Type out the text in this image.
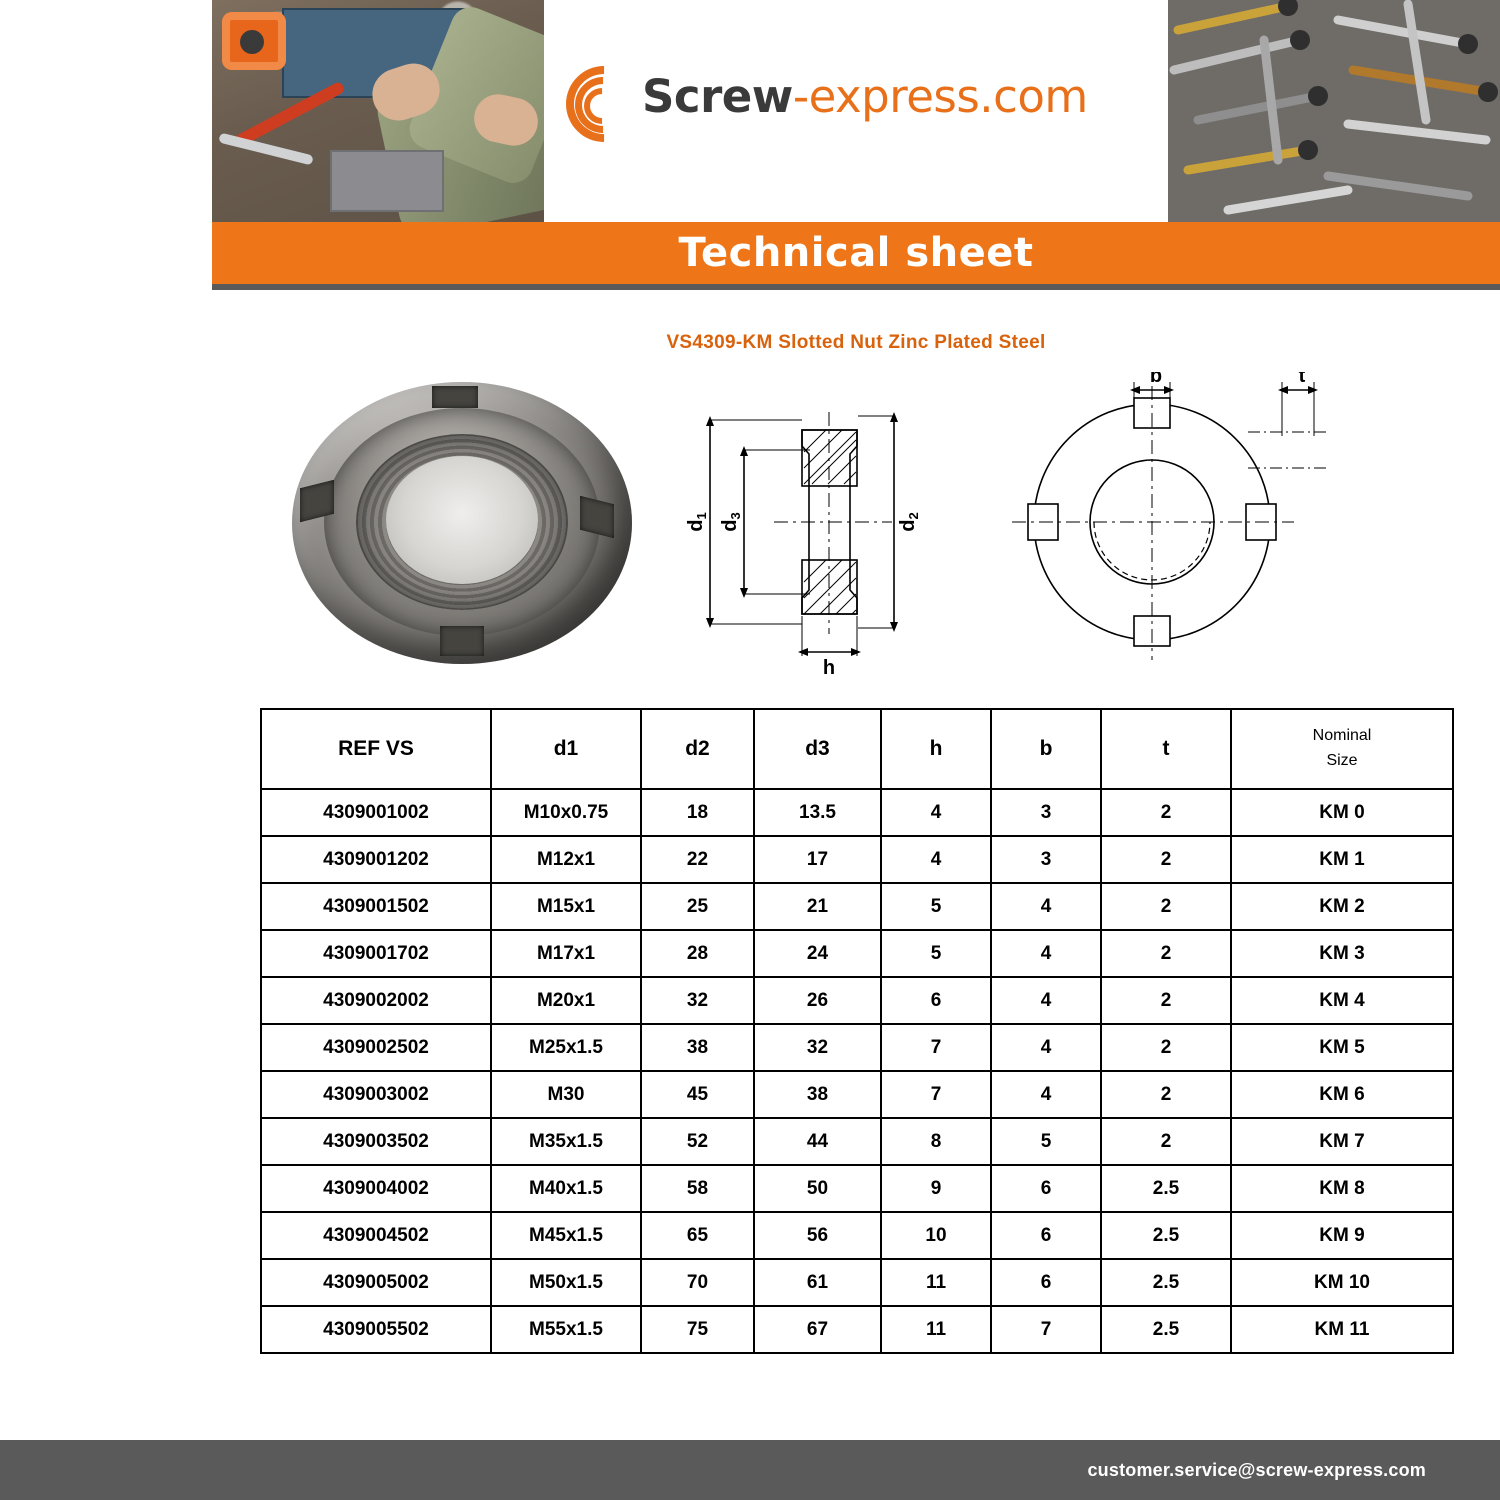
Screw-express.com
Technical sheet
VS4309-KM Slotted Nut Zinc Plated Steel
b	t
h
$d_1$
$d_3$
$d_2$
REF VS	d1	d2	d3	h	b	t	Nominal
Size

4309001002	M10x0.75	18	13.5	4	3	2	KM 0
4309001202	M12x1	22	17	4	3	2	KM 1
4309001502	M15x1	25	21	5	4	2	KM 2
4309001702	M17x1	28	24	5	4	2	KM 3
4309002002	M20x1	32	26	6	4	2	KM 4
4309002502	M25x1.5	38	32	7	4	2	KM 5
4309003002	M30	45	38	7	4	2	KM 6
4309003502	M35x1.5	52	44	8	5	2	KM 7
4309004002	M40x1.5	58	50	9	6	2.5	KM 8
4309004502	M45x1.5	65	56	10	6	2.5	KM 9
4309005002	M50x1.5	70	61	11	6	2.5	KM 10
4309005502	M55x1.5	75	67	11	7	2.5	KM 11
customer.service@screw-express.com
